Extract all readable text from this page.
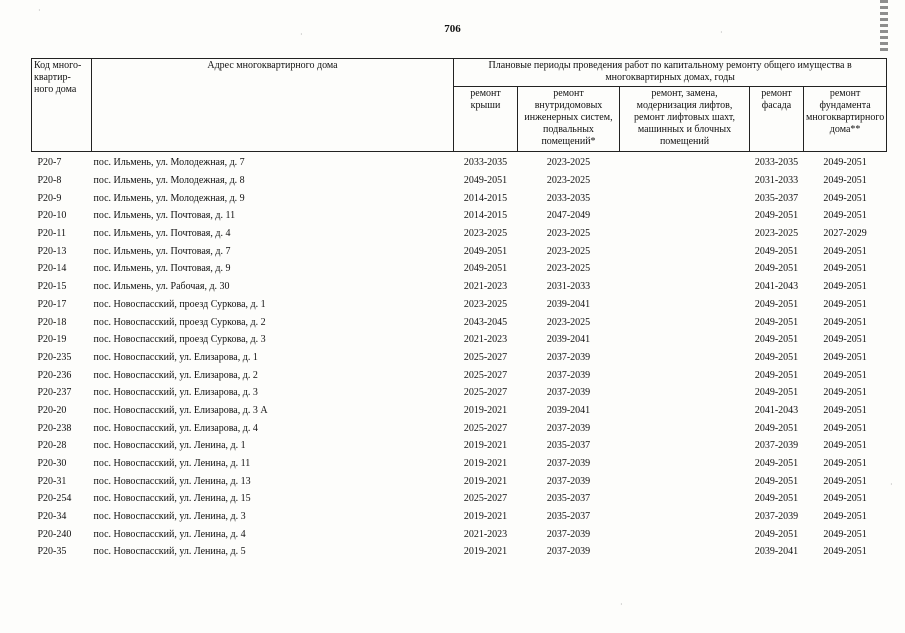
706
·
·	·
·
·
Код много-квартир-ного дома	Адрес многоквартирного дома	Плановые периоды проведения работ по капитальному ремонту общего имущества в многоквартирных домах, годы				
		ремонт крыши	ремонт внутридомовых инженерных систем, подвальных помещений*	ремонт, замена, модернизация лифтов, ремонт лифтовых шахт, машинных и блочных помещений	ремонт фасада	ремонт фундамента многоквартирного дома**
Р20-7	пос. Ильмень, ул. Молодежная, д. 7	2033-2035	2023-2025		2033-2035	2049-2051
Р20-8	пос. Ильмень, ул. Молодежная, д. 8	2049-2051	2023-2025		2031-2033	2049-2051
Р20-9	пос. Ильмень, ул. Молодежная, д. 9	2014-2015	2033-2035		2035-2037	2049-2051
Р20-10	пос. Ильмень, ул. Почтовая, д. 11	2014-2015	2047-2049		2049-2051	2049-2051
Р20-11	пос. Ильмень, ул. Почтовая, д. 4	2023-2025	2023-2025		2023-2025	2027-2029
Р20-13	пос. Ильмень, ул. Почтовая, д. 7	2049-2051	2023-2025		2049-2051	2049-2051
Р20-14	пос. Ильмень, ул. Почтовая, д. 9	2049-2051	2023-2025		2049-2051	2049-2051
Р20-15	пос. Ильмень, ул. Рабочая, д. 30	2021-2023	2031-2033		2041-2043	2049-2051
Р20-17	пос. Новоспасский, проезд Суркова, д. 1	2023-2025	2039-2041		2049-2051	2049-2051
Р20-18	пос. Новоспасский, проезд Суркова, д. 2	2043-2045	2023-2025		2049-2051	2049-2051
Р20-19	пос. Новоспасский, проезд Суркова, д. 3	2021-2023	2039-2041		2049-2051	2049-2051
Р20-235	пос. Новоспасский, ул. Елизарова, д. 1	2025-2027	2037-2039		2049-2051	2049-2051
Р20-236	пос. Новоспасский, ул. Елизарова, д. 2	2025-2027	2037-2039		2049-2051	2049-2051
Р20-237	пос. Новоспасский, ул. Елизарова, д. 3	2025-2027	2037-2039		2049-2051	2049-2051
Р20-20	пос. Новоспасский, ул. Елизарова, д. 3 А	2019-2021	2039-2041		2041-2043	2049-2051
Р20-238	пос. Новоспасский, ул. Елизарова, д. 4	2025-2027	2037-2039		2049-2051	2049-2051
Р20-28	пос. Новоспасский, ул. Ленина, д. 1	2019-2021	2035-2037		2037-2039	2049-2051
Р20-30	пос. Новоспасский, ул. Ленина, д. 11	2019-2021	2037-2039		2049-2051	2049-2051
Р20-31	пос. Новоспасский, ул. Ленина, д. 13	2019-2021	2037-2039		2049-2051	2049-2051
Р20-254	пос. Новоспасский, ул. Ленина, д. 15	2025-2027	2035-2037		2049-2051	2049-2051
Р20-34	пос. Новоспасский, ул. Ленина, д. 3	2019-2021	2035-2037		2037-2039	2049-2051
Р20-240	пос. Новоспасский, ул. Ленина, д. 4	2021-2023	2037-2039		2049-2051	2049-2051
Р20-35	пос. Новоспасский, ул. Ленина, д. 5	2019-2021	2037-2039		2039-2041	2049-2051
